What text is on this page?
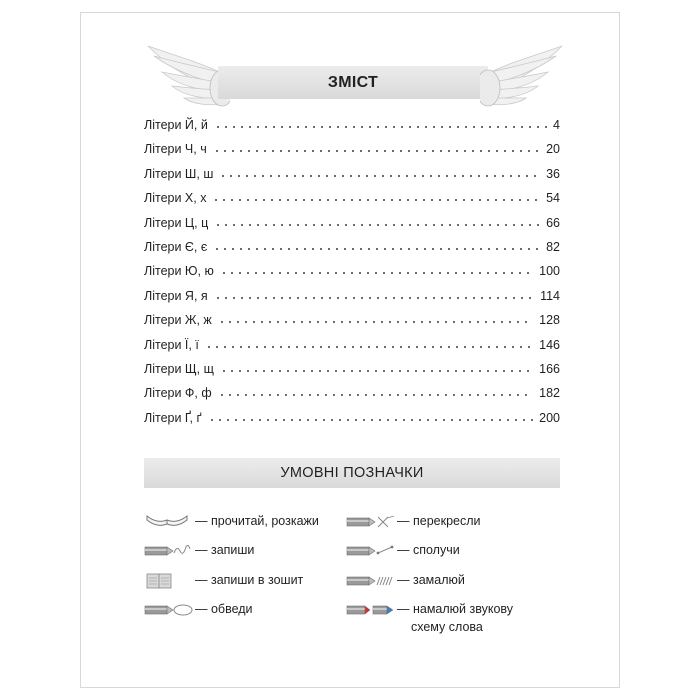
ЗМІСТ
Літери Й, й	4
Літери Ч, ч	20
Літери Ш, ш	36
Літери Х, х	54
Літери Ц, ц	66
Літери Є, є	82
Літери Ю, ю	100
Літери Я, я	114
Літери Ж, ж	128
Літери Ї, ї	146
Літери Щ, щ	166
Літери Ф, ф	182
Літери Ґ, ґ	200
УМОВНІ ПОЗНАЧКИ
— прочитай, розкажи
— запиши
— запиши в зошит
— обведи
— перекресли
— сполучи
— замалюй
— намалюй звукову
схему слова
